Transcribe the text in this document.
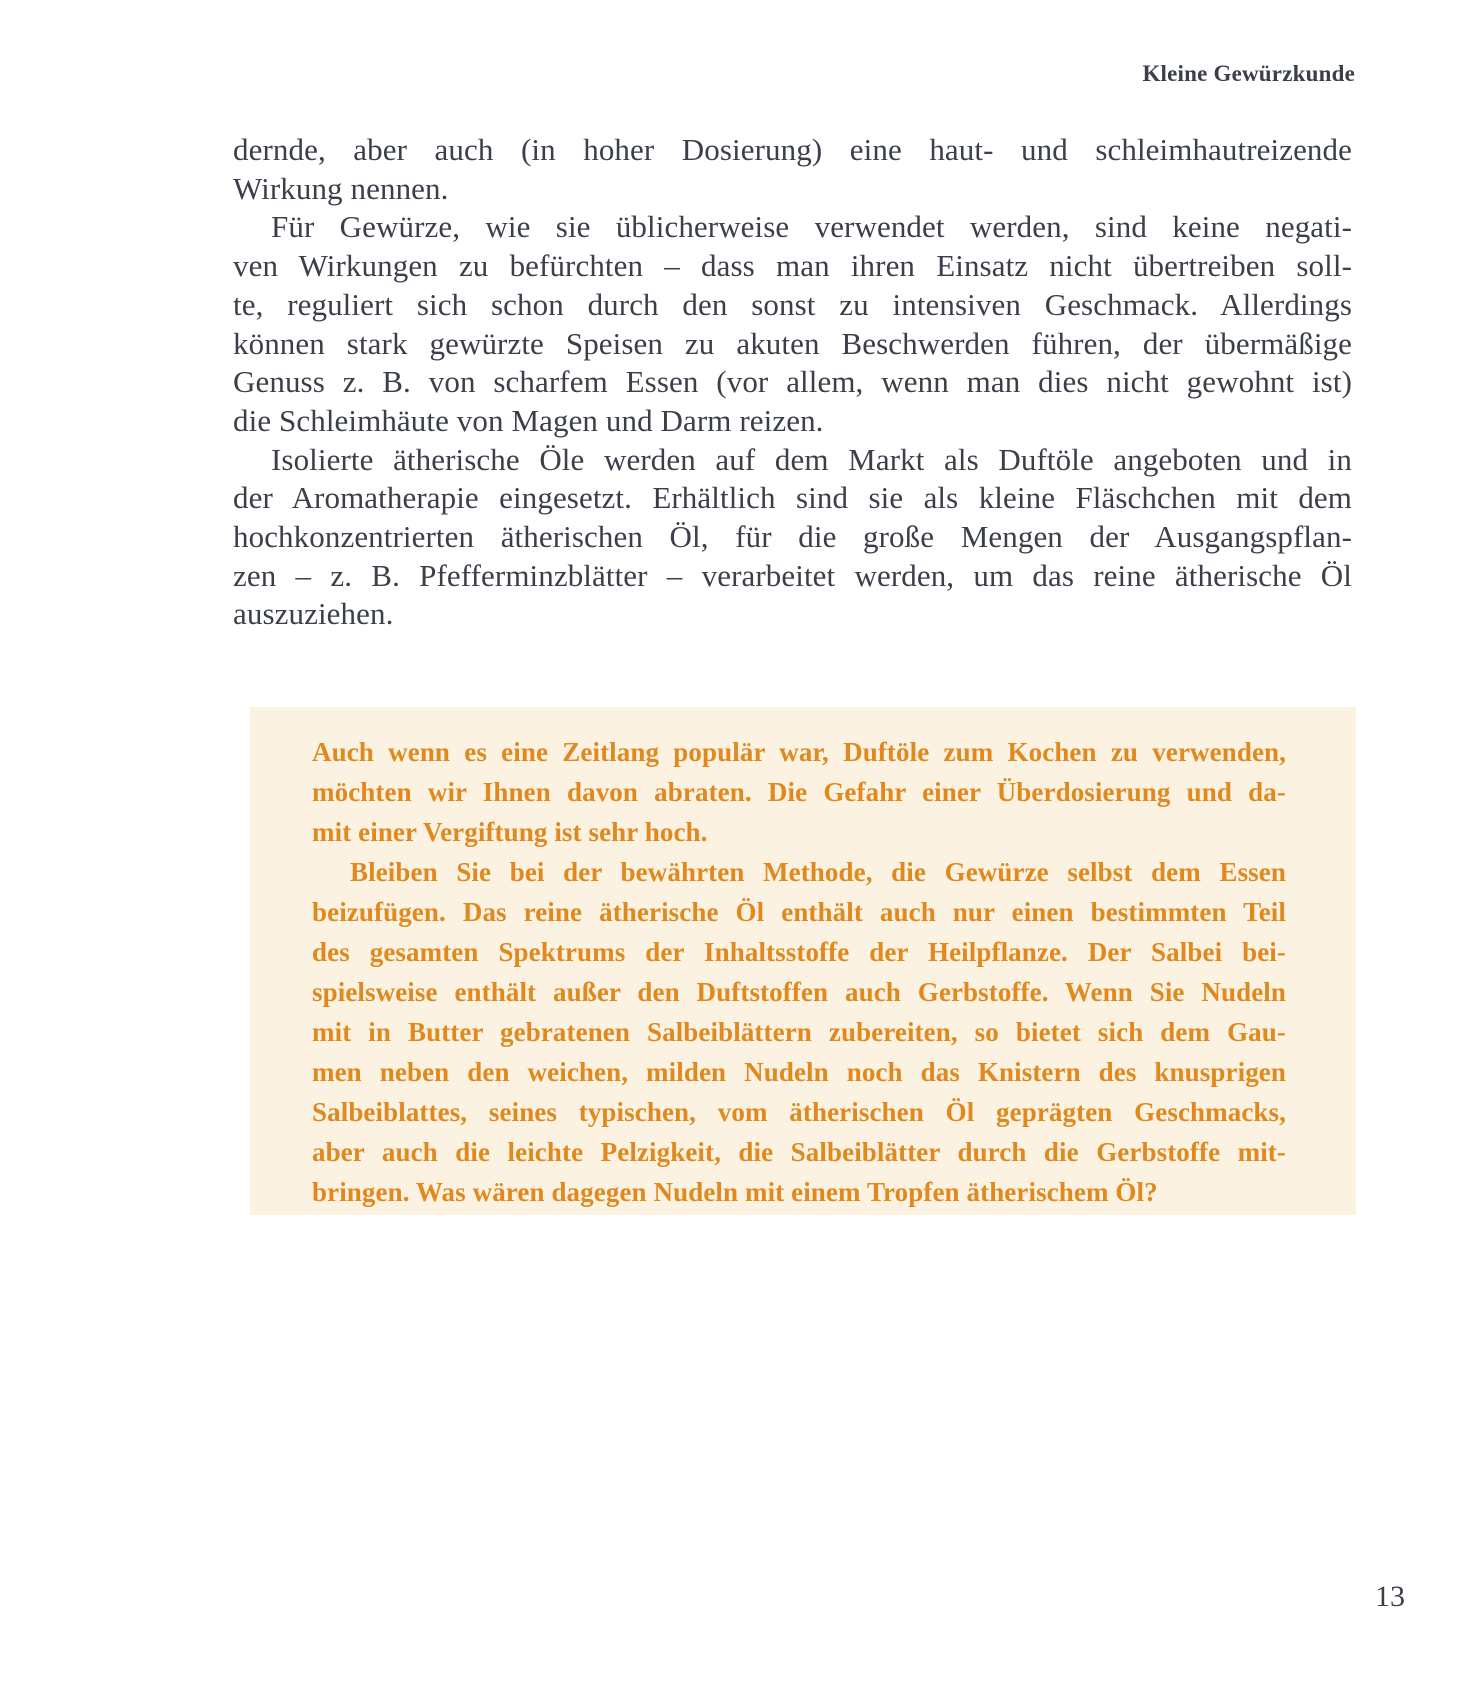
Kleine Gewürzkunde
dernde, aber auch (in hoher Dosierung) eine haut- und schleimhautreizende
Wirkung nennen.
Für Gewürze, wie sie üblicherweise verwendet werden, sind keine negati-
ven Wirkungen zu befürchten – dass man ihren Einsatz nicht übertreiben soll-
te, reguliert sich schon durch den sonst zu intensiven Geschmack. Allerdings
können stark gewürzte Speisen zu akuten Beschwerden führen, der übermäßige
Genuss z. B. von scharfem Essen (vor allem, wenn man dies nicht gewohnt ist)
die Schleimhäute von Magen und Darm reizen.
Isolierte ätherische Öle werden auf dem Markt als Duftöle angeboten und in
der Aromatherapie eingesetzt. Erhältlich sind sie als kleine Fläschchen mit dem
hochkonzentrierten ätherischen Öl, für die große Mengen der Ausgangspflan-
zen – z. B. Pfefferminzblätter – verarbeitet werden, um das reine ätherische Öl
auszuziehen.
Auch wenn es eine Zeitlang populär war, Duftöle zum Kochen zu verwenden,
möchten wir Ihnen davon abraten. Die Gefahr einer Überdosierung und da-
mit einer Vergiftung ist sehr hoch.
Bleiben Sie bei der bewährten Methode, die Gewürze selbst dem Essen
beizufügen. Das reine ätherische Öl enthält auch nur einen bestimmten Teil
des gesamten Spektrums der Inhaltsstoffe der Heilpflanze. Der Salbei bei-
spielsweise enthält außer den Duftstoffen auch Gerbstoffe. Wenn Sie Nudeln
mit in Butter gebratenen Salbeiblättern zubereiten, so bietet sich dem Gau-
men neben den weichen, milden Nudeln noch das Knistern des knusprigen
Salbeiblattes, seines typischen, vom ätherischen Öl geprägten Geschmacks,
aber auch die leichte Pelzigkeit, die Salbeiblätter durch die Gerbstoffe mit-
bringen. Was wären dagegen Nudeln mit einem Tropfen ätherischem Öl?
13
